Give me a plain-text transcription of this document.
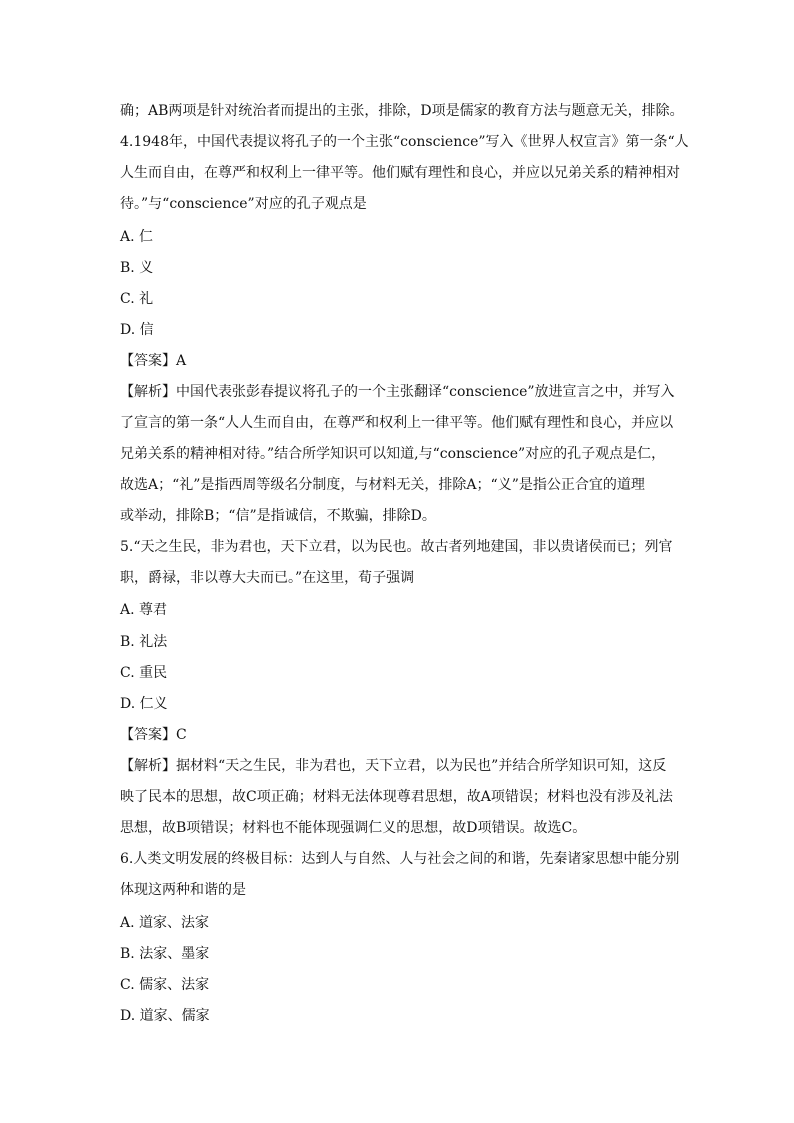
确；AB两项是针对统治者而提出的主张，排除，D项是儒家的教育方法与题意无关，排除。
4.1948年，中国代表提议将孔子的一个主张“conscience”写入《世界人权宣言》第一条“人
人生而自由，在尊严和权利上一律平等。他们赋有理性和良心，并应以兄弟关系的精神相对
待。”与“conscience”对应的孔子观点是
A. 仁
B. 义
C. 礼
D. 信
【答案】A
【解析】中国代表张彭春提议将孔子的一个主张翻译“conscience”放进宣言之中，并写入
了宣言的第一条“人人生而自由，在尊严和权利上一律平等。他们赋有理性和良心，并应以
兄弟关系的精神相对待。”结合所学知识可以知道,与“conscience”对应的孔子观点是仁，
故选A；“礼”是指西周等级名分制度，与材料无关，排除A；“义”是指公正合宜的道理
或举动，排除B；“信”是指诚信，不欺骗，排除D。
5.“天之生民，非为君也，天下立君，以为民也。故古者列地建国，非以贵诸侯而已；列官
职，爵禄，非以尊大夫而已。”在这里，荀子强调
A. 尊君
B. 礼法
C. 重民
D. 仁义
【答案】C
【解析】据材料“天之生民，非为君也，天下立君，以为民也”并结合所学知识可知，这反
映了民本的思想，故C项正确；材料无法体现尊君思想，故A项错误；材料也没有涉及礼法
思想，故B项错误；材料也不能体现强调仁义的思想，故D项错误。故选C。
6.人类文明发展的终极目标：达到人与自然、人与社会之间的和谐，先秦诸家思想中能分别
体现这两种和谐的是
A. 道家、法家
B. 法家、墨家
C. 儒家、法家
D. 道家、儒家
